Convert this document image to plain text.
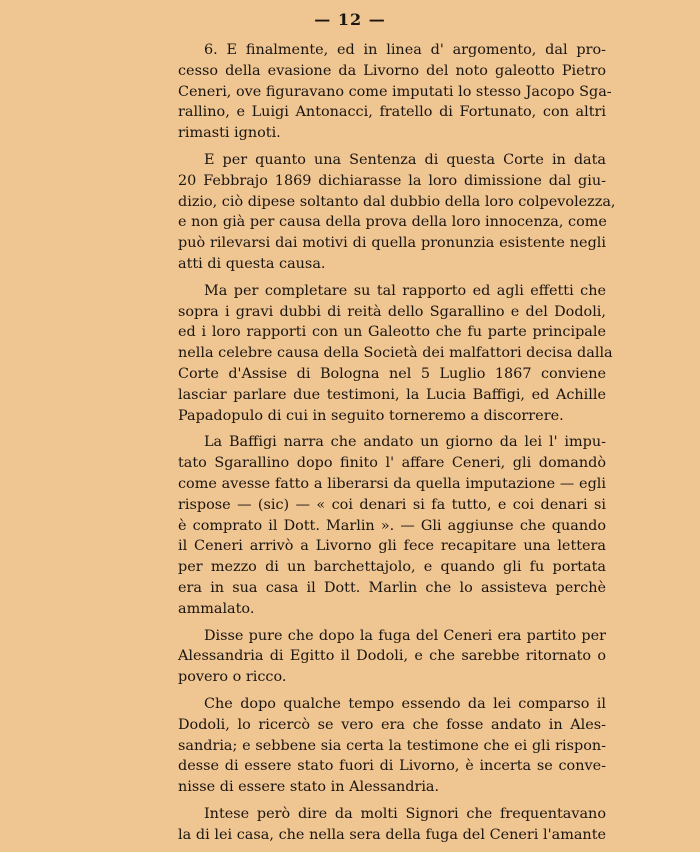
— 12 —
6. E finalmente, ed in linea d' argomento, dal pro-
cesso della evasione da Livorno del noto galeotto Pietro
Ceneri, ove figuravano come imputati lo stesso Jacopo Sga-
rallino, e Luigi Antonacci, fratello di Fortunato, con altri
rimasti ignoti.
E per quanto una Sentenza di questa Corte in data
20 Febbrajo 1869 dichiarasse la loro dimissione dal giu-
dizio, ciò dipese soltanto dal dubbio della loro colpevolezza,
e non già per causa della prova della loro innocenza, come
può rilevarsi dai motivi di quella pronunzia esistente negli
atti di questa causa.
Ma per completare su tal rapporto ed agli effetti che
sopra i gravi dubbi di reità dello Sgarallino e del Dodoli,
ed i loro rapporti con un Galeotto che fu parte principale
nella celebre causa della Società dei malfattori decisa dalla
Corte d'Assise di Bologna nel 5 Luglio 1867 conviene
lasciar parlare due testimoni, la Lucia Baffigi, ed Achille
Papadopulo di cui in seguito torneremo a discorrere.
La Baffigi narra che andato un giorno da lei l' impu-
tato Sgarallino dopo finito l' affare Ceneri, gli domandò
come avesse fatto a liberarsi da quella imputazione — egli
rispose — (sic) — « coi denari si fa tutto, e coi denari si
è comprato il Dott. Marlin ». — Gli aggiunse che quando
il Ceneri arrivò a Livorno gli fece recapitare una lettera
per mezzo di un barchettajolo, e quando gli fu portata
era in sua casa il Dott. Marlin che lo assisteva perchè
ammalato.
Disse pure che dopo la fuga del Ceneri era partito per
Alessandria di Egitto il Dodoli, e che sarebbe ritornato o
povero o ricco.
Che dopo qualche tempo essendo da lei comparso il
Dodoli, lo ricercò se vero era che fosse andato in Ales-
sandria; e sebbene sia certa la testimone che ei gli rispon-
desse di essere stato fuori di Livorno, è incerta se conve-
nisse di essere stato in Alessandria.
Intese però dire da molti Signori che frequentavano
la di lei casa, che nella sera della fuga del Ceneri l'amante
